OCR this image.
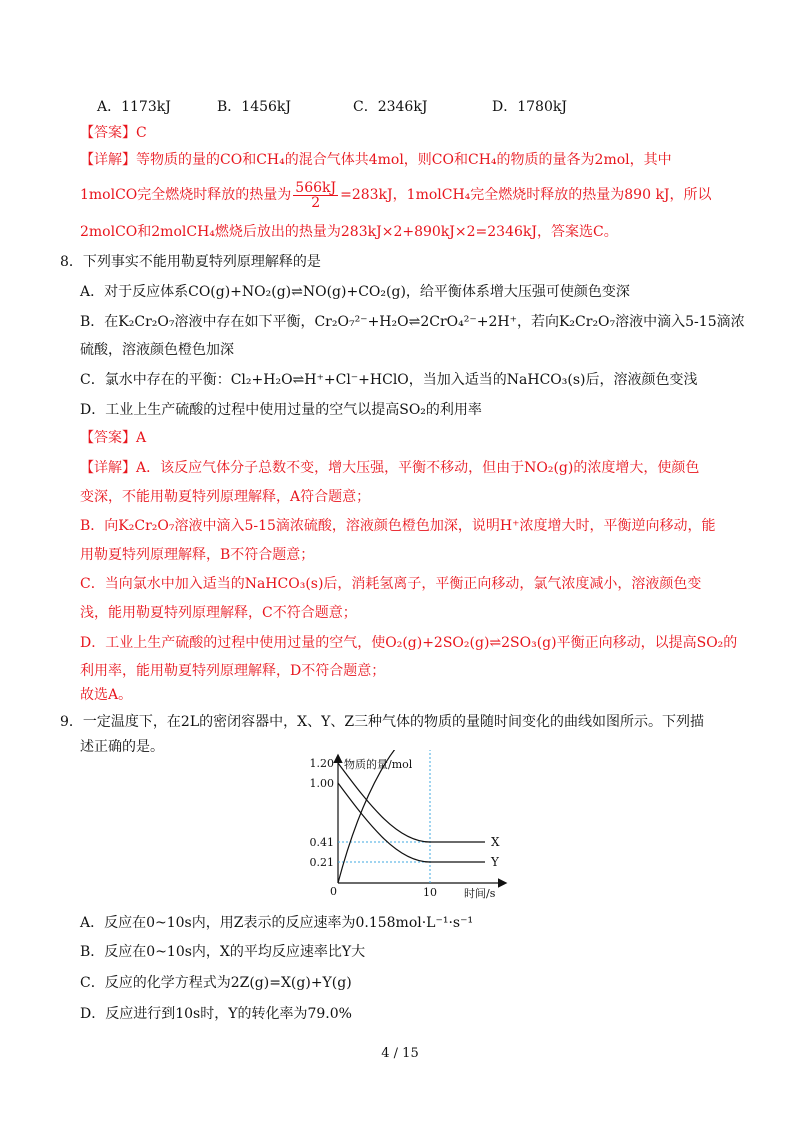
A．1173kJ	B．1456kJ	C．2346kJ	D．1780kJ
【答案】C
【详解】等物质的量的CO和CH₄的混合气体共4mol，则CO和CH₄的物质的量各为2mol，其中
1molCO完全燃烧时释放的热量为 $\frac{566kJ}{2} =283kJ$，1molCH₄完全燃烧时释放的热量为890 kJ，所以
2molCO和2molCH₄燃烧后放出的热量为283kJ×2+890kJ×2=2346kJ，答案选C。
8．下列事实不能用勒夏特列原理解释的是
A．对于反应体系CO(g)+NO₂(g)⇌NO(g)+CO₂(g)，给平衡体系增大压强可使颜色变深
B．在K₂Cr₂O₇溶液中存在如下平衡，Cr₂O₇²⁻+H₂O⇌2CrO₄²⁻+2H⁺，若向K₂Cr₂O₇溶液中滴入5-15滴浓
硫酸，溶液颜色橙色加深
C．氯水中存在的平衡：Cl₂+H₂O⇌H⁺+Cl⁻+HClO，当加入适当的NaHCO₃(s)后，溶液颜色变浅
D．工业上生产硫酸的过程中使用过量的空气以提高SO₂的利用率
【答案】A
【详解】A．该反应气体分子总数不变，增大压强，平衡不移动，但由于NO₂(g)的浓度增大，使颜色
变深，不能用勒夏特列原理解释，A符合题意；
B．向K₂Cr₂O₇溶液中滴入5-15滴浓硫酸，溶液颜色橙色加深，说明H⁺浓度增大时，平衡逆向移动，能
用勒夏特列原理解释，B不符合题意；
C．当向氯水中加入适当的NaHCO₃(s)后，消耗氢离子，平衡正向移动，氯气浓度减小，溶液颜色变
浅，能用勒夏特列原理解释，C不符合题意；
D．工业上生产硫酸的过程中使用过量的空气，使O₂(g)+2SO₂(g)⇌2SO₃(g)平衡正向移动，以提高SO₂的
利用率，能用勒夏特列原理解释，D不符合题意；
故选A。
9．一定温度下，在2L的密闭容器中，X、Y、Z三种气体的物质的量随时间变化的曲线如图所示。下列描
述正确的是。
物质的量/mol
时间/s
0
1.20
1.00
0.41
0.21
10
X
Y
A．反应在0~10s内，用Z表示的反应速率为0.158mol·L⁻¹·s⁻¹
B．反应在0~10s内，X的平均反应速率比Y大
C．反应的化学方程式为2Z(g)=X(g)+Y(g)
D．反应进行到10s时，Y的转化率为79.0%
4 / 15
